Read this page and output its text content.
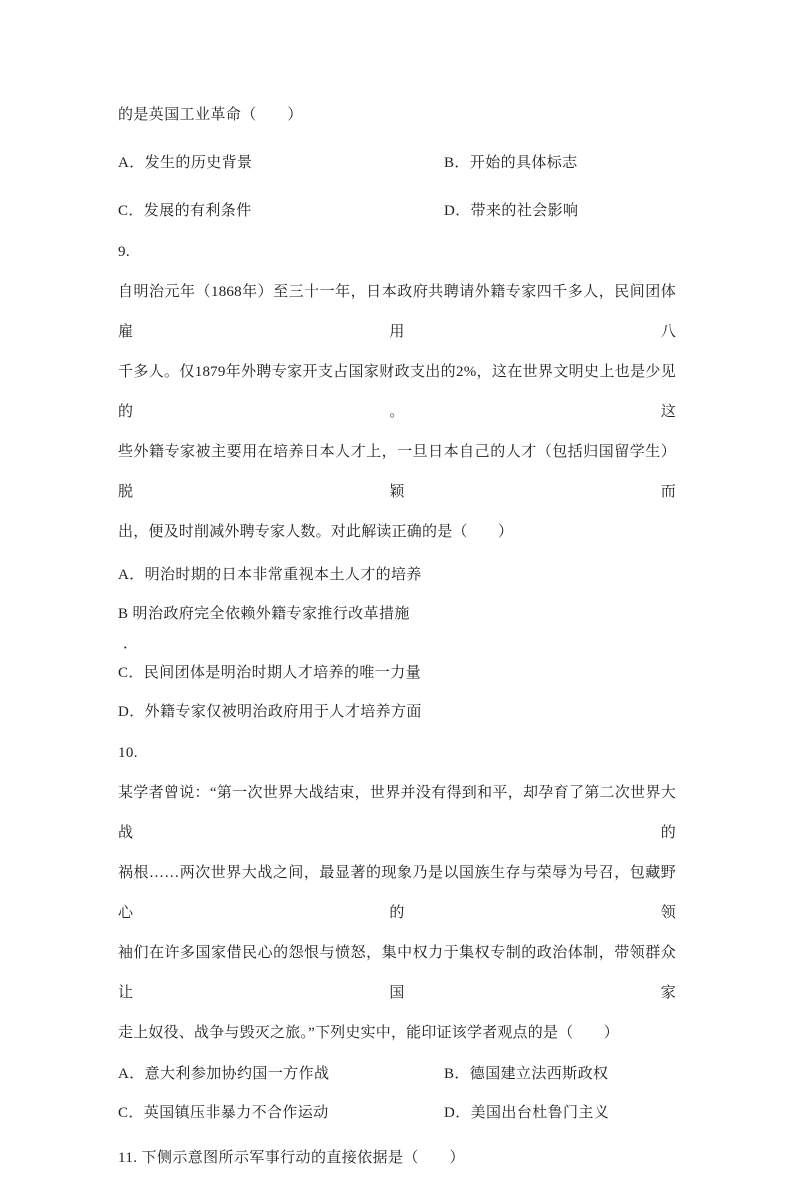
的是英国工业革命（　　）
A．发生的历史背景	B．开始的具体标志
C．发展的有利条件	D．带来的社会影响
9.
自明治元年（1868年）至三十一年，日本政府共聘请外籍专家四千多人，民间团体雇用八
千多人。仅1879年外聘专家开支占国家财政支出的2%，这在世界文明史上也是少见的。这
些外籍专家被主要用在培养日本人才上，一旦日本自己的人才（包括归国留学生）脱颖而
出，便及时削减外聘专家人数。对此解读正确的是（　　）
A．明治时期的日本非常重视本土人才的培养
B 明治政府完全依赖外籍专家推行改革措施
．
C．民间团体是明治时期人才培养的唯一力量
D．外籍专家仅被明治政府用于人才培养方面
10.
某学者曾说：“第一次世界大战结束，世界并没有得到和平，却孕育了第二次世界大战的
祸根……两次世界大战之间，最显著的现象乃是以国族生存与荣辱为号召，包藏野心的领
袖们在许多国家借民心的怨恨与愤怒，集中权力于集权专制的政治体制，带领群众让国家
走上奴役、战争与毁灭之旅。”下列史实中，能印证该学者观点的是（　　）
A．意大利参加协约国一方作战	B．德国建立法西斯政权
C．英国镇压非暴力不合作运动	D．美国出台杜鲁门主义
11. 下侧示意图所示军事行动的直接依据是（　　）
